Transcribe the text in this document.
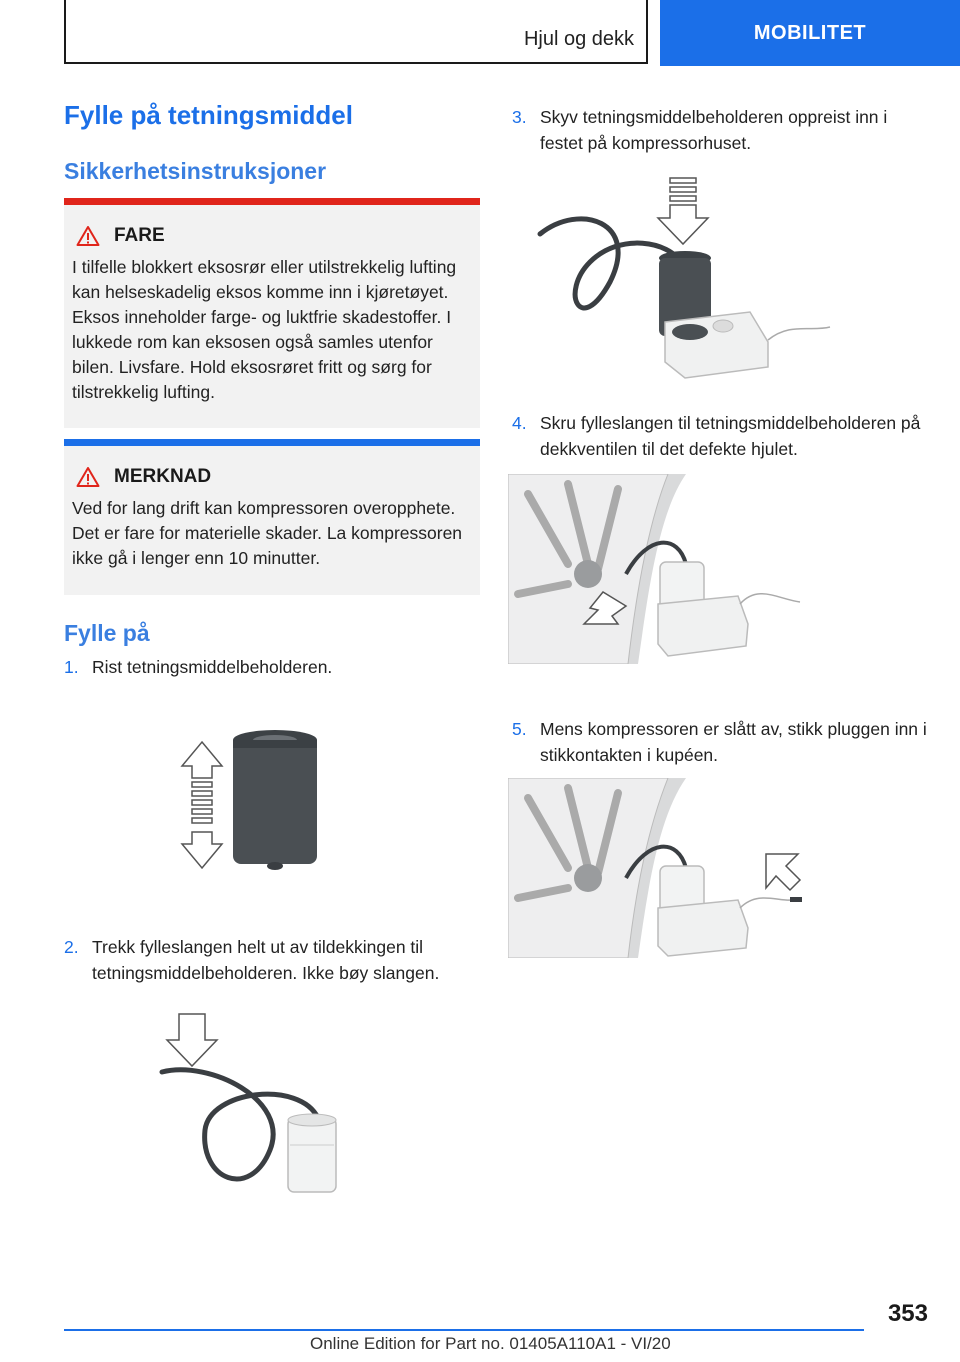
Hjul og dekk	MOBILITET
Fylle på tetningsmiddel
Sikkerhetsinstruksjoner
FARE
I tilfelle blokkert eksosrør eller utilstrekkelig lufting kan helseskadelig eksos komme inn i kjøretøyet. Eksos inneholder farge- og luktfrie skadestoffer. I lukkede rom kan eksosen også samles utenfor bilen. Livsfare. Hold eksosrøret fritt og sørg for tilstrekkelig lufting.
MERKNAD
Ved for lang drift kan kompressoren overopphete. Det er fare for materielle skader. La kompressoren ikke gå i lenger enn 10 minutter.
Fylle på
1. Rist tetningsmiddelbeholderen.
2. Trekk fylleslangen helt ut av tildekkingen til tetningsmiddelbeholderen. Ikke bøy slangen.
3. Skyv tetningsmiddelbeholderen oppreist inn i festet på kompressorhuset.
4. Skru fylleslangen til tetningsmiddelbeholderen på dekkventilen til det defekte hjulet.
5. Mens kompressoren er slått av, stikk pluggen inn i stikkontakten i kupéen.
353
Online Edition for Part no. 01405A110A1 - VI/20
